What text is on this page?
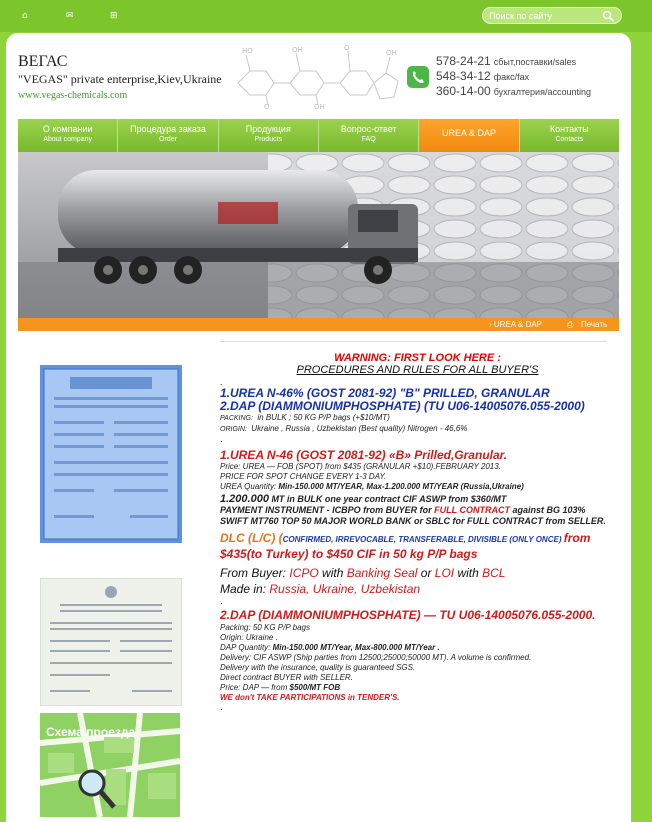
⌂	✉	⊞
Поиск по сайту
ВЕГАС
"VEGAS" private enterprise,Kiev,Ukraine
www.vegas-chemicals.com
HO	OH	O
OH
O	OH
578-24-21 сбыт,поставки/sales
548-34-12 факс/fax
360-14-00 бухгалтерия/accounting
О компании
About company
Процедура заказа
Order
Продукция
Products
Вопрос-ответ
FAQ
UREA & DAP	Контакты
Contacts
› UREA & DAP	⎙ Печать
Схема проезда
WARNING: FIRST LOOK HERE :
PROCEDURES AND RULES FOR ALL BUYER'S
.
1.UREA N-46% (GOST 2081-92) "B" PRILLED, GRANULAR
2.DAP (DIAMMONIUMPHOSPHATE) (TU U06-14005076.055-2000)
PACKING: in BULK ; 50 KG P/P bags (+$10/MT)
ORIGIN: Ukraine , Russia , Uzbekistan (Best quality) Nitrogen - 46,6%
.
1.UREA N-46 (GOST 2081-92) «B» Prilled,Granular.
Price: UREA — FOB (SPOT) from $435 (GRANULAR +$10).FEBRUARY 2013.
PRICE FOR SPOT CHANGE EVERY 1-3 DAY.
UREA Quantity: Min-150.000 MT/YEAR, Max-1.200.000 MT/YEAR (Russia,Ukraine)
1.200.000 MT in BULK one year contract CIF ASWP from $360/MT
PAYMENT INSTRUMENT - ICBPO from BUYER for FULL CONTRACT against BG 103% SWIFT MT760 TOP 50 MAJOR WORLD BANK or SBLC for FULL CONTRACT from SELLER.
DLC (L/C) (CONFIRMED, IRREVOCABLE, TRANSFERABLE, DIVISIBLE (ONLY ONCE) from $435(to Turkey) to $450 CIF in 50 kg P/P bags
From Buyer: ICPO with Banking Seal or LOI with BCL
Made in: Russia, Ukraine, Uzbekistan
.
2.DAP (DIAMMONIUMPHOSPHATE) — TU U06-14005076.055-2000.
Packing: 50 KG P/P bags
Origin: Ukraine .
DAP Quantity: Min-150.000 MT/Year, Max-800.000 MT/Year .
Delivery: CIF ASWP (Ship parties from 12500;25000;50000 MT). A volume is confirmed.
Delivery with the insurance, quality is guaranteed SGS.
Direct contract BUYER with SELLER.
Price: DAP — from $500/MT FOB
WE don't TAKE PARTICIPATIONS in TENDER'S.
.
